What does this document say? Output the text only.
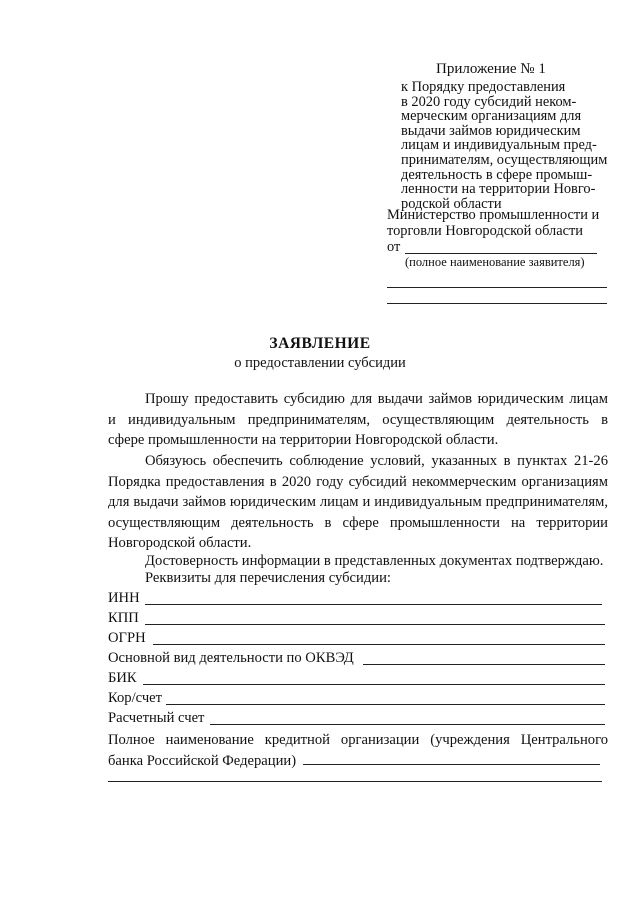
Приложение № 1
к Порядку предоставления
в 2020 году субсидий неком-
мерческим организациям для
выдачи займов юридическим
лицам и индивидуальным пред-
принимателям, осуществляющим
деятельность в сфере промыш-
ленности на территории Новго-
родской области
Министерство промышленности и
торговли Новгородской области
от
(полное наименование заявителя)
ЗАЯВЛЕНИЕ
о предоставлении субсидии
Прошу предоставить субсидию для выдачи займов юридическим лицам
и индивидуальным предпринимателям, осуществляющим деятельность в
сфере промышленности на территории Новгородской области.
Обязуюсь обеспечить соблюдение условий, указанных в пунктах 21-26
Порядка предоставления в 2020 году субсидий некоммерческим организациям
для выдачи займов юридическим лицам и индивидуальным предпринимателям,
осуществляющим деятельность в сфере промышленности на территории
Новгородской области.
Достоверность информации в представленных документах подтверждаю.
Реквизиты для перечисления субсидии:
ИНН
КПП
ОГРН
Основной вид деятельности по ОКВЭД
БИК
Кор/счет
Расчетный счет
Полное наименование кредитной организации (учреждения Центрального
банка Российской Федерации)
